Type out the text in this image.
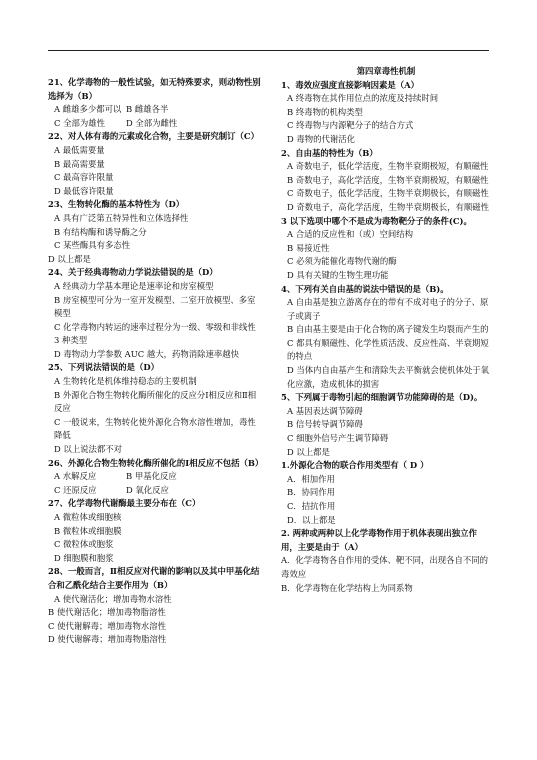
21、化学毒物的一般性试验，如无特殊要求，则动物性别选择为（B）
A 雌雄多少都可以 B 雌雄各半
C 全部为雄性	D 全部为雌性
22、对人体有毒的元素或化合物，主要是研究制订（C）
A 最低需要量
B 最高需要量
C 最高容许限量
D 最低容许限量
23、生物转化酶的基本特性为（D）
A 具有广泛第五特异性和立体选择性
B 有结构酶和诱导酶之分
C 某些酶具有多态性
D 以上都是
24、关于经典毒物动力学说法错误的是（D）
A 经典动力学基本理论是速率论和房室模型
B 房室模型可分为一室开发模型、二室开放模型、多室模型
C 化学毒物内转运的速率过程分为一级、零级和非线性 3 种类型
D 毒物动力学参数 AUC 越大，药物消除速率越快
25、下列说法错误的是（D）
A 生物转化是机体维持稳态的主要机制
B 外源化合物生物转化酶所催化的反应分Ⅰ相反应和Ⅱ相反应
C 一般说来，生物转化使外源化合物水溶性增加，毒性降低
D 以上说法都不对
26、外源化合物生物转化酶所催化的Ⅰ相反应不包括（B）
A 水解反应	B 甲基化反应
C 还原反应	D 氧化反应
27、化学毒物代谢酶最主要分布在（C）
A 微粒体或细胞核
B 微粒体或细胞膜
C 微粒体或胞浆
D 细胞膜和胞浆
28、一般而言，Ⅱ相反应对代谢的影响以及其中甲基化结合和乙酰化结合主要作用为（B）
A 使代谢活化；增加毒物水溶性
B 使代谢活化；增加毒物脂溶性
C 使代谢解毒；增加毒物水溶性
D 使代谢解毒；增加毒物脂溶性
第四章毒性机制
1、毒效应强度直接影响因素是（A）
A 终毒物在其作用位点的浓度及持续时间
B 终毒物的机构类型
C 终毒物与内源靶分子的结合方式
D 毒物的代谢活化
2、自由基的特性为（B）
A 奇数电子，低化学活度，生物半衰期极短，有顺磁性
B 奇数电子，高化学活度，生物半衰期极短，有顺磁性
C 奇数电子，低化学活度，生物半衰期极长，有顺磁性
D 奇数电子，高化学活度，生物半衰期极长，有顺磁性
3 以下选项中哪个不是成为毒物靶分子的条件(C)。
A 合适的反应性和（或）空间结构
B 易接近性
C 必须为能催化毒物代谢的酶
D 具有关键的生物生理功能
4、下列有关自由基的说法中错误的是（B)。
A 自由基是独立游离存在的带有不成对电子的分子、原子或离子
B 自由基主要是由于化合物的离子键发生均裂而产生的
C 都具有顺磁性、化学性质活泼、反应性高、半衰期短的特点
D 当体内自由基产生和清除失去平衡就会使机体处于氧化应激，造成机体的损害
5、下列属于毒物引起的细胞调节功能障碍的是（D)。
A 基因表达调节障碍
B 信号转导调节障碍
C 细胞外信号产生调节障碍
D 以上都是
1.外源化合物的联合作用类型有（ D ）
A．相加作用
B．协同作用
C．拮抗作用
D．以上都是
2. 两种或两种以上化学毒物作用于机体表现出独立作用，主要是由于（A）
A．化学毒物各自作用的受体、靶不同，出现各自不同的毒效应
B．化学毒物在化学结构上为同系物
